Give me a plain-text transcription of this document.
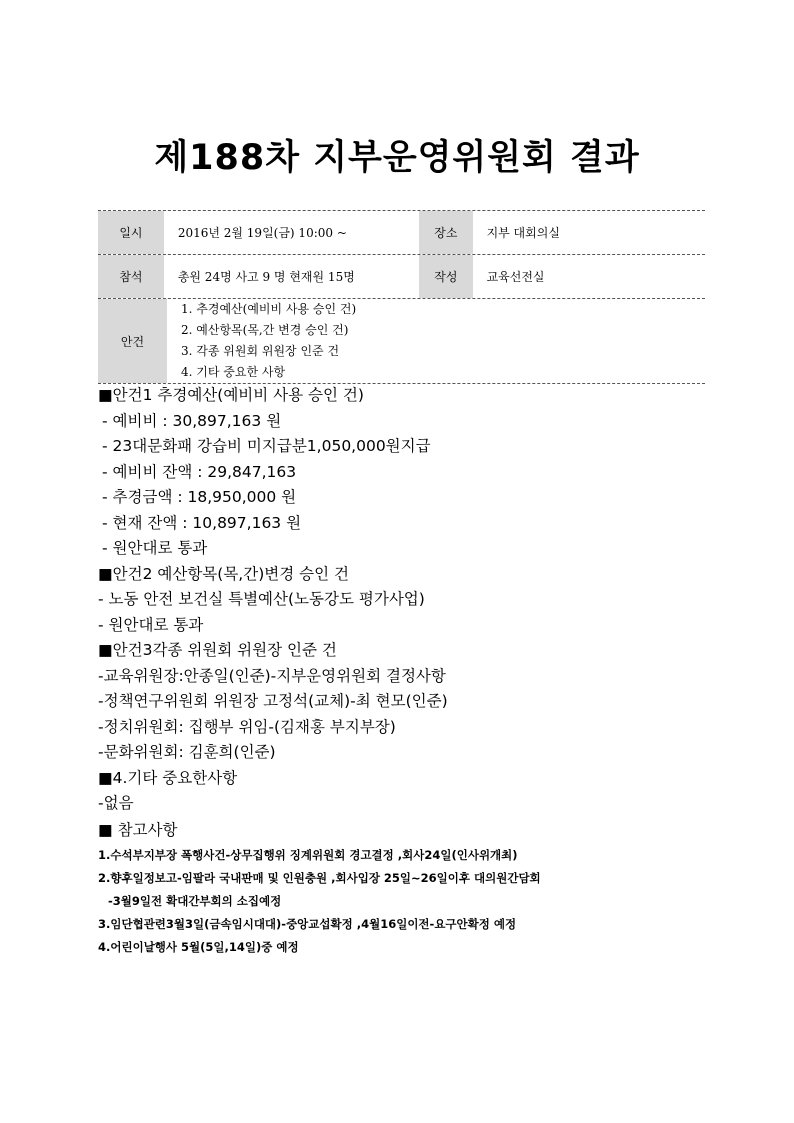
제188차 지부운영위원회 결과
일시	2016년 2월 19일(금) 10:00 ~	장소	지부 대회의실
참석	총원 24명 사고 9 명 현재원 15명	작성	교육선전실
안건
1. 추경예산(예비비 사용 승인 건)
2. 예산항목(목,간 변경 승인 건)
3. 각종 위원회 위원장 인준 건
4. 기타 중요한 사항
■안건1 추경예산(예비비 사용 승인 건)
- 예비비 : 30,897,163 원
- 23대문화패 강습비 미지급분1,050,000원지급
- 예비비 잔액 : 29,847,163
- 추경금액 : 18,950,000 원
- 현재 잔액 : 10,897,163 원
- 원안대로 통과
■안건2 예산항목(목,간)변경 승인 건
- 노동 안전 보건실 특별예산(노동강도 평가사업)
- 원안대로 통과
■안건3각종 위원회 위원장 인준 건
-교육위원장:안종일(인준)-지부운영위원회 결정사항
-정책연구위원회 위원장 고정석(교체)-최 현모(인준)
-정치위원회: 집행부 위임-(김재홍 부지부장)
-문화위원회: 김훈희(인준)
■4.기타 중요한사항
-없음
■ 참고사항
1.수석부지부장 폭행사건-상무집행위 징계위원회 경고결정 ,회사24일(인사위개최)
2.향후일정보고-임팔라 국내판매 및 인원충원 ,회사입장 25일~26일이후 대의원간담회
-3월9일전 확대간부회의 소집예정
3.임단협관련3월3일(금속임시대대)-중앙교섭확정 ,4월16일이전-요구안확정 예정
4.어린이날행사 5월(5일,14일)중 예정
